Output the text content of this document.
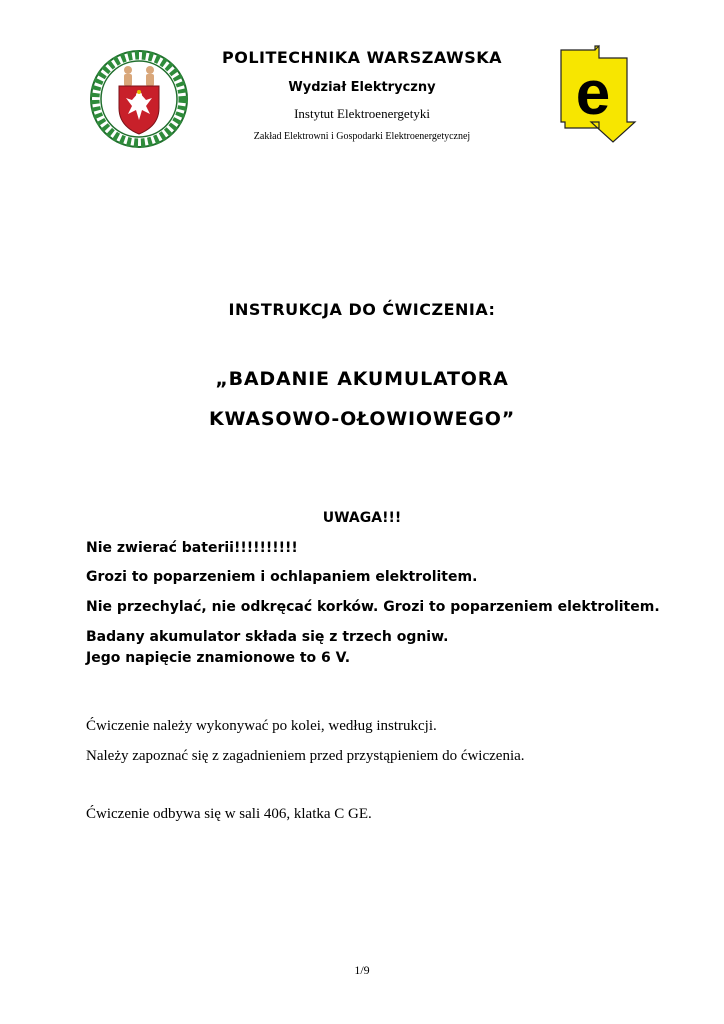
e
POLITECHNIKA WARSZAWSKA
Wydział Elektryczny
Instytut Elektroenergetyki
Zakład Elektrowni i Gospodarki Elektroenergetycznej
INSTRUKCJA DO ĆWICZENIA:
„BADANIE AKUMULATORA
KWASOWO-OŁOWIOWEGO”
UWAGA!!!
Nie zwierać baterii!!!!!!!!!!
Grozi to poparzeniem i ochlapaniem elektrolitem.
Nie przechylać, nie odkręcać korków. Grozi to poparzeniem elektrolitem.
Badany akumulator składa się z trzech ogniw.
Jego napięcie znamionowe to 6 V.
Ćwiczenie należy wykonywać po kolei, według instrukcji.
Należy zapoznać się z zagadnieniem przed przystąpieniem do ćwiczenia.
Ćwiczenie odbywa się w sali 406, klatka C GE.
1/9
